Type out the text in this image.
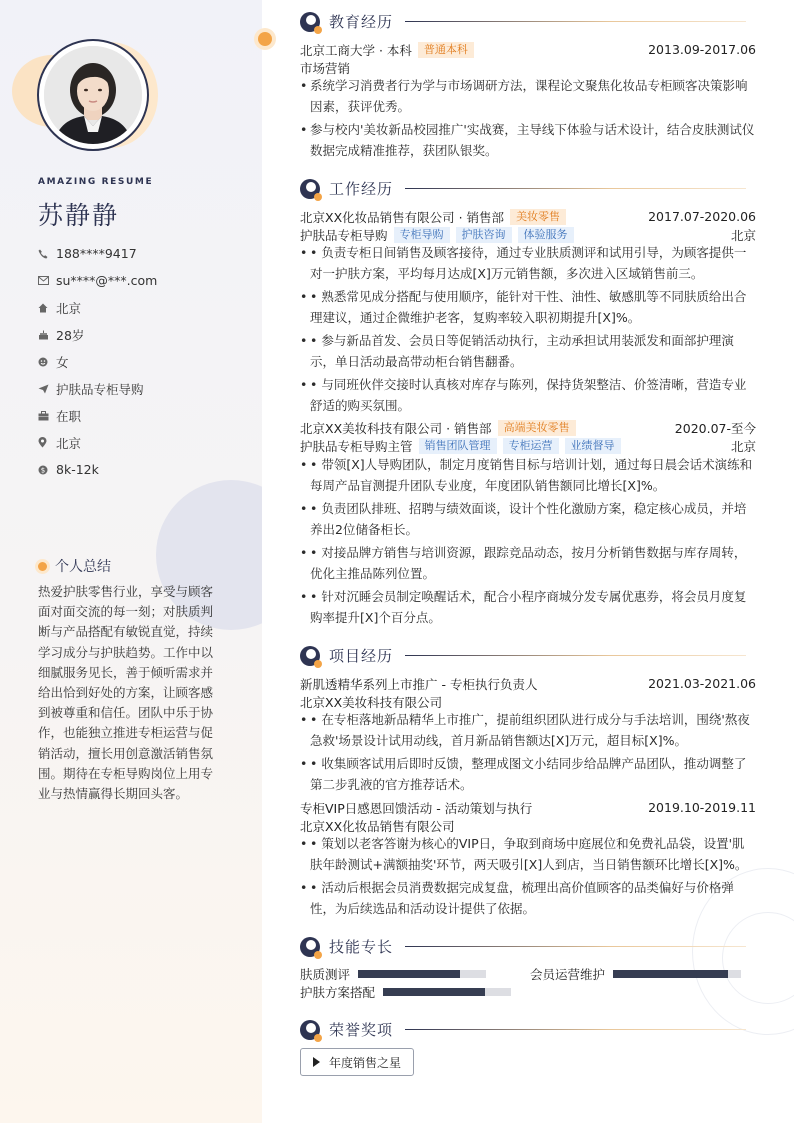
AMAZING RESUME
苏静静
188****9417
su****@***.com
北京
28岁
女
护肤品专柜导购
在职
北京
$ 8k-12k
个人总结
热爱护肤零售行业，享受与顾客面对面交流的每一刻；对肤质判断与产品搭配有敏锐直觉，持续学习成分与护肤趋势。工作中以细腻服务见长，善于倾听需求并给出恰到好处的方案，让顾客感到被尊重和信任。团队中乐于协作，也能独立推进专柜运营与促销活动，擅长用创意激活销售氛围。期待在专柜导购岗位上用专业与热情赢得长期回头客。
教育经历
北京工商大学 · 本科	普通本科	2013.09-2017.06
市场营销
• 系统学习消费者行为学与市场调研方法，课程论文聚焦化妆品专柜顾客决策影响因素，获评优秀。
• 参与校内'美妆新品校园推广'实战赛，主导线下体验与话术设计，结合皮肤测试仪数据完成精准推荐，获团队银奖。
工作经历
北京XX化妆品销售有限公司 · 销售部	美妆零售	2017.07-2020.06
护肤品专柜导购	专柜导购	护肤咨询	体验服务	北京
• • 负责专柜日间销售及顾客接待，通过专业肤质测评和试用引导，为顾客提供一对一护肤方案，平均每月达成[X]万元销售额，多次进入区域销售前三。
• • 熟悉常见成分搭配与使用顺序，能针对干性、油性、敏感肌等不同肤质给出合理建议，通过企微维护老客，复购率较入职初期提升[X]%。
• • 参与新品首发、会员日等促销活动执行，主动承担试用装派发和面部护理演示，单日活动最高带动柜台销售翻番。
• • 与同班伙伴交接时认真核对库存与陈列，保持货架整洁、价签清晰，营造专业舒适的购买氛围。
北京XX美妆科技有限公司 · 销售部	高端美妆零售	2020.07-至今
护肤品专柜导购主管	销售团队管理	专柜运营	业绩督导	北京
• • 带领[X]人导购团队，制定月度销售目标与培训计划，通过每日晨会话术演练和每周产品盲测提升团队专业度，年度团队销售额同比增长[X]%。
• • 负责团队排班、招聘与绩效面谈，设计个性化激励方案，稳定核心成员，并培养出2位储备柜长。
• • 对接品牌方销售与培训资源，跟踪竞品动态，按月分析销售数据与库存周转，优化主推品陈列位置。
• • 针对沉睡会员制定唤醒话术，配合小程序商城分发专属优惠券，将会员月度复购率提升[X]个百分点。
项目经历
新肌透精华系列上市推广 - 专柜执行负责人	2021.03-2021.06
北京XX美妆科技有限公司
• • 在专柜落地新品精华上市推广，提前组织团队进行成分与手法培训，围绕'熬夜急救'场景设计试用动线，首月新品销售额达[X]万元，超目标[X]%。
• • 收集顾客试用后即时反馈，整理成图文小结同步给品牌产品团队，推动调整了第二步乳液的官方推荐话术。
专柜VIP日感恩回馈活动 - 活动策划与执行	2019.10-2019.11
北京XX化妆品销售有限公司
• • 策划以老客答谢为核心的VIP日，争取到商场中庭展位和免费礼品袋，设置'肌肤年龄测试+满额抽奖'环节，两天吸引[X]人到店，当日销售额环比增长[X]%。
• • 活动后根据会员消费数据完成复盘，梳理出高价值顾客的品类偏好与价格弹性，为后续选品和活动设计提供了依据。
技能专长
肤质测评	会员运营维护
护肤方案搭配
荣誉奖项
年度销售之星
